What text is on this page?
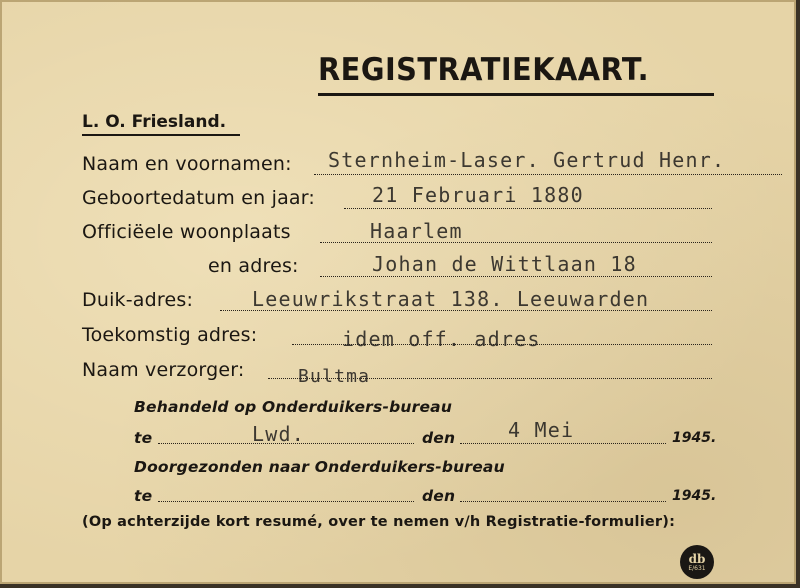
REGISTRATIEKAART.
L. O. Friesland.
Naam en voornamen: Sternheim-Laser. Gertrud Henr.
Geboortedatum en jaar:	21 Februari 1880
Officiëele woonplaats	Haarlem
en adres:	Johan de Wittlaan 18
Duik-adres:	Leeuwrikstraat 138. Leeuwarden
Toekomstig adres:	idem off. adres
Naam verzorger:	Bultma
Behandeld op Onderduikers-bureau
te	Lwd.	den	4 Mei	1945.
Doorgezonden naar Onderduikers-bureau
te	den	1945.
(Op achterzijde kort resumé, over te nemen v/h Registratie-formulier):
db
E/631
